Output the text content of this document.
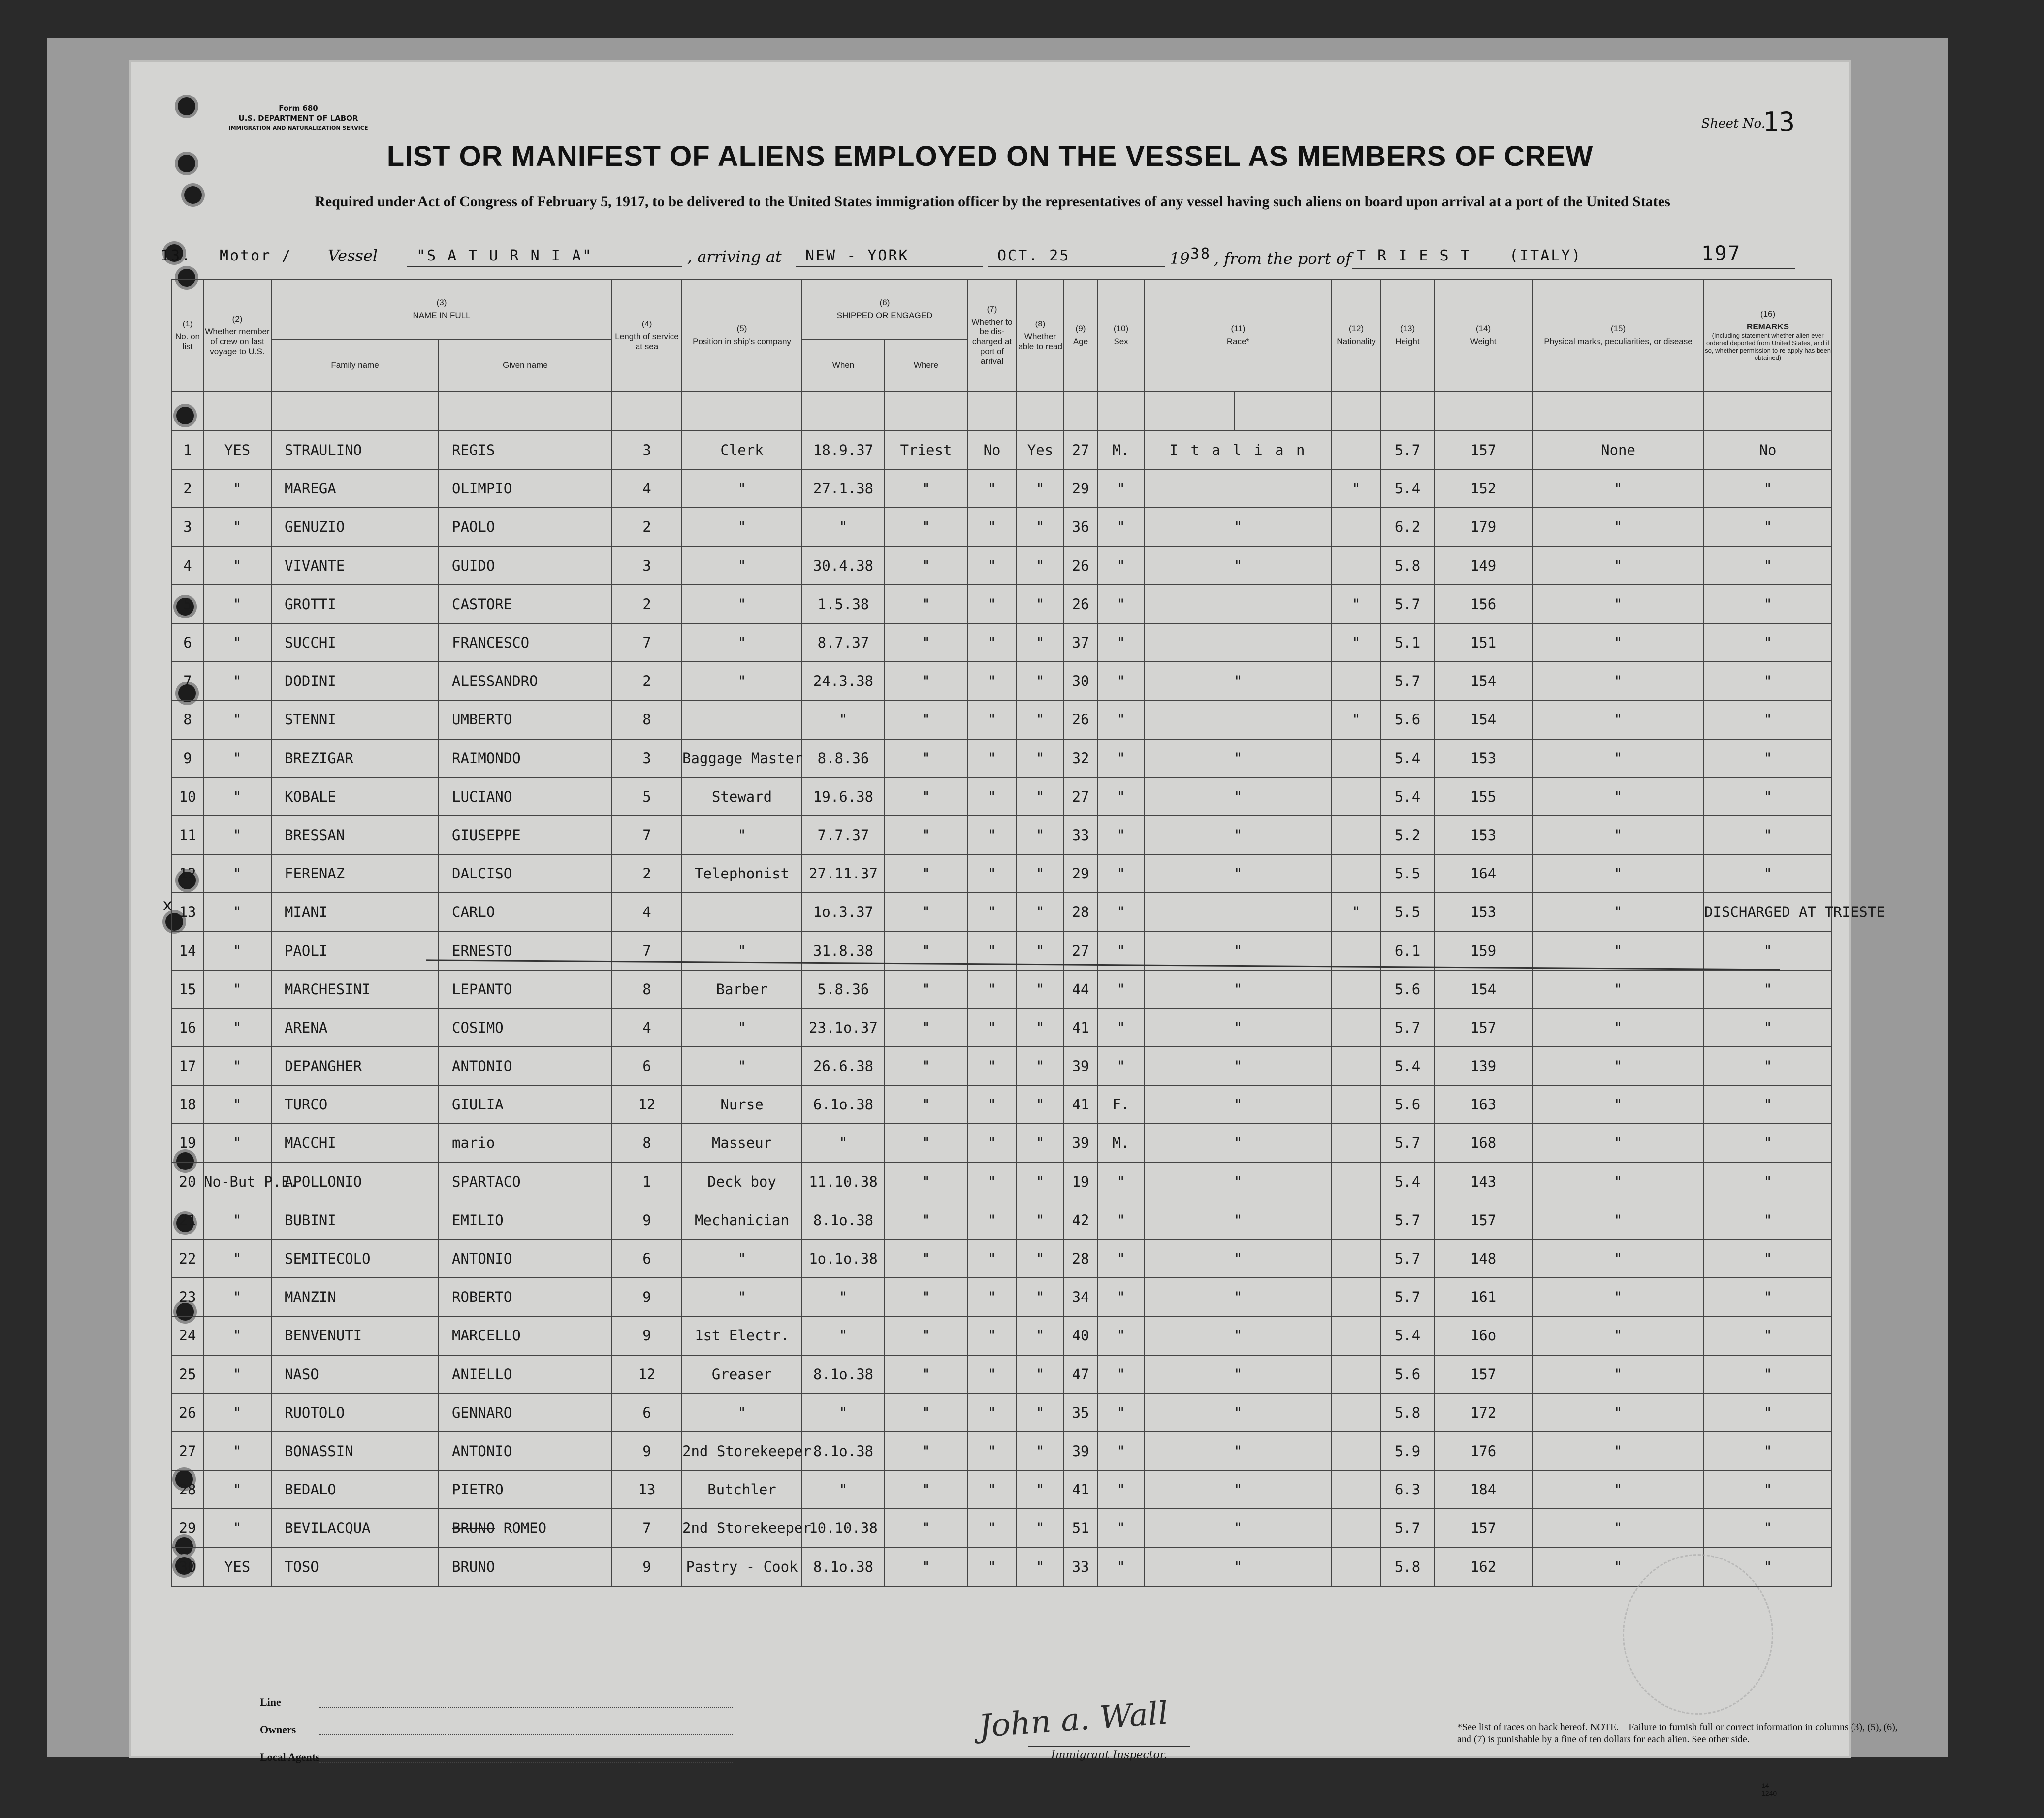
Form 680
U.S. DEPARTMENT OF LABOR
IMMIGRATION AND NATURALIZATION SERVICE	Sheet No.
13
LIST OR MANIFEST OF ALIENS EMPLOYED ON THE VESSEL AS MEMBERS OF CREW
Required under Act of Congress of February 5, 1917, to be delivered to the United States immigration officer by the representatives of any vessel having such aliens on board upon arrival at a port of the United States
13. Motor / Vessel	"S A T U R N I A"	, arriving at NEW - YORK	OCT. 25	19 38 , from the port of T R I E S T	(ITALY)	197
(1)
No. on list	(2)
Whether member of crew on last voyage to U.S.	(3)
NAME IN FULL		(4)
Length of service at sea	(5)
Position in ship's company	(6)
SHIPPED OR ENGAGED		(7)
Whether to be dis-charged at port of arrival	(8)
Whether able to read	(9)
Age	(10)
Sex	(11)
Race*		(12)
Nationality	(13)
Height	(14)
Weight	(15)
Physical marks, peculiarities, or disease	(16)
REMARKS

(Including statement whether alien ever ordered deported from United States, and if so, whether permission to re-apply has been obtained)

		Family name	Given name			When	Where												

1	YES	STRAULINO	REGIS	3	Clerk	18.9.37	Triest	No	Yes	27	M.	I t a l i a n			5.7	157	None	No	
2	"	MAREGA	OLIMPIO	4	"	27.1.38	"	"	"	29	"			"	5.4	152	"	"	
3	"	GENUZIO	PAOLO	2	"	"	"	"	"	36	"	"			6.2	179	"	"	
4	"	VIVANTE	GUIDO	3	"	30.4.38	"	"	"	26	"	"			5.8	149	"	"	
5	"	GROTTI	CASTORE	2	"	1.5.38	"	"	"	26	"			"	5.7	156	"	"	
6	"	SUCCHI	FRANCESCO	7	"	8.7.37	"	"	"	37	"			"	5.1	151	"	"	
7	"	DODINI	ALESSANDRO	2	"	24.3.38	"	"	"	30	"	"			5.7	154	"	"	
8	"	STENNI	UMBERTO	8		"	"	"	"	26	"			"	5.6	154	"	"	
9	"	BREZIGAR	RAIMONDO	3	Baggage Master	8.8.36	"	"	"	32	"	"			5.4	153	"	"	
10	"	KOBALE	LUCIANO	5	Steward	19.6.38	"	"	"	27	"	"			5.4	155	"	"	
11	"	BRESSAN	GIUSEPPE	7	"	7.7.37	"	"	"	33	"	"			5.2	153	"	"	
12	"	FERENAZ	DALCISO	2	Telephonist	27.11.37	"	"	"	29	"	"			5.5	164	"	"	
13	"	MIANI	CARLO	4		1o.3.37	"	"	"	28	"			"	5.5	153	"	DISCHARGED AT TRIESTE	
14	"	PAOLI	ERNESTO	7	"	31.8.38	"	"	"	27	"	"			6.1	159	"	"	
15	"	MARCHESINI	LEPANTO	8	Barber	5.8.36	"	"	"	44	"	"			5.6	154	"	"	
16	"	ARENA	COSIMO	4	"	23.1o.37	"	"	"	41	"	"			5.7	157	"	"	
17	"	DEPANGHER	ANTONIO	6	"	26.6.38	"	"	"	39	"	"			5.4	139	"	"	
18	"	TURCO	GIULIA	12	Nurse	6.1o.38	"	"	"	41	F.	"			5.6	163	"	"	
19	"	MACCHI	mario	8	Masseur	"	"	"	"	39	M.	"			5.7	168	"	"	
20	No-But P.E.	APOLLONIO	SPARTACO	1	Deck boy	11.10.38	"	"	"	19	"	"			5.4	143	"	"	
21	"	BUBINI	EMILIO	9	Mechanician	8.1o.38	"	"	"	42	"	"			5.7	157	"	"	
22	"	SEMITECOLO	ANTONIO	6	"	1o.1o.38	"	"	"	28	"	"			5.7	148	"	"	
23	"	MANZIN	ROBERTO	9	"	"	"	"	"	34	"	"			5.7	161	"	"	
24	"	BENVENUTI	MARCELLO	9	1st Electr.	"	"	"	"	40	"	"			5.4	16o	"	"	
25	"	NASO	ANIELLO	12	Greaser	8.1o.38	"	"	"	47	"	"			5.6	157	"	"	
26	"	RUOTOLO	GENNARO	6	"	"	"	"	"	35	"	"			5.8	172	"	"	
27	"	BONASSIN	ANTONIO	9	2nd Storekeeper	8.1o.38	"	"	"	39	"	"			5.9	176	"	"	
28	"	BEDALO	PIETRO	13	Butchler	"	"	"	"	41	"	"			6.3	184	"	"	
29	"	BEVILACQUA	BRUNO ROMEO	7	2nd Storekeeper	10.10.38	"	"	"	51	"	"			5.7	157	"	"	
30	YES	TOSO	BRUNO	9	Pastry - Cook	8.1o.38	"	"	"	33	"	"			5.8	162	"	"	
Line
Owners
Local Agents
John a. Wall
Immigrant Inspector.
*See list of races on back hereof. NOTE.—Failure to furnish full or correct information in columns (3), (5), (6), and (7) is punishable by a fine of ten dollars for each alien. See other side.
14—1240
x
